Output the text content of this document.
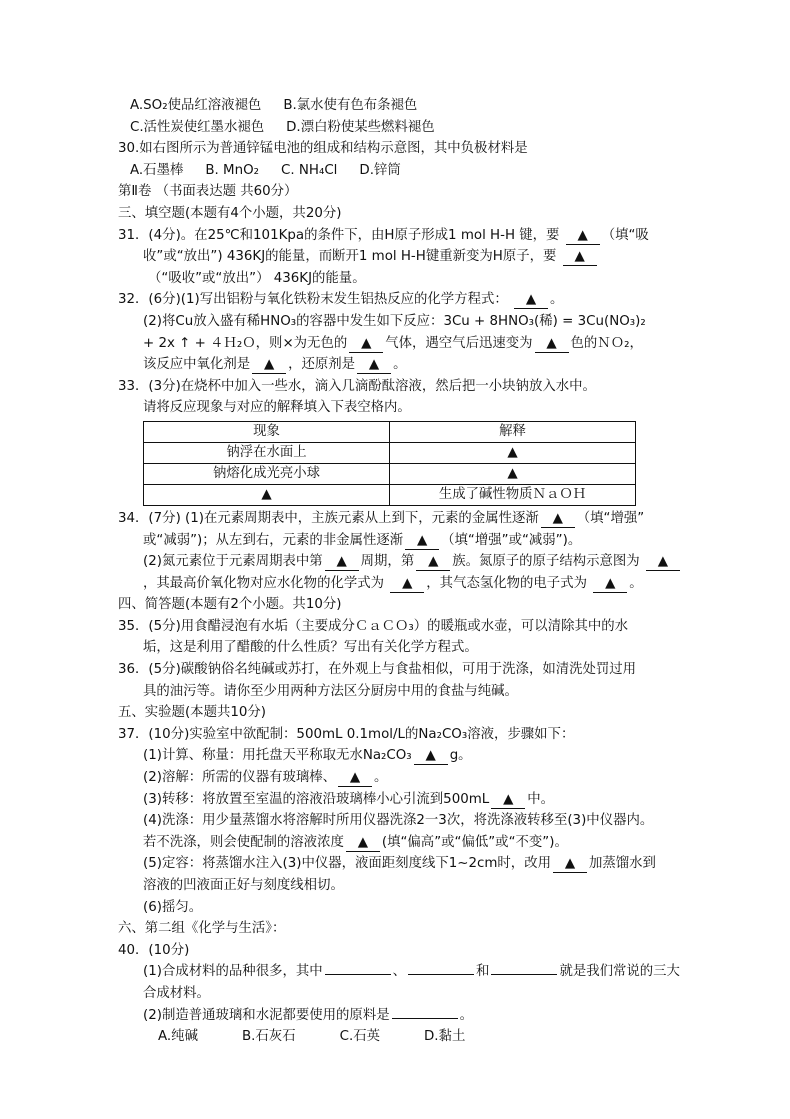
A.SO₂使品红溶液褪色 B.氯水使有色布条褪色
C.活性炭使红墨水褪色 D.漂白粉使某些燃料褪色
30.如右图所示为普通锌锰电池的组成和结构示意图，其中负极材料是
A.石墨棒 B. MnO₂ C. NH₄Cl D.锌筒
第Ⅱ卷 （书面表达题 共60分）
三、填空题(本题有4个小题，共20分)
31．(4分)。在25℃和101Kpa的条件下，由H原子形成1 mol H-H 键，要 ▲ （填“吸
收”或“放出”) 436KJ的能量，而断开1 mol H-H键重新变为H原子，要 ▲
（“吸收”或“放出”） 436KJ的能量。
32．(6分)(1)写出铝粉与氧化铁粉末发生铝热反应的化学方程式： ▲ 。
(2)将Cu放入盛有稀HNO₃的容器中发生如下反应：3Cu + 8HNO₃(稀) = 3Cu(NO₃)₂
+ 2x ↑ + ４Ｈ₂Ｏ，则×为无色的 ▲ 气体，遇空气后迅速变为 ▲ 色的ＮＯ₂，
该反应中氧化剂是 ▲ ，还原剂是 ▲ 。
33．(3分)在烧杯中加入一些水，滴入几滴酚酞溶液，然后把一小块钠放入水中。
请将反应现象与对应的解释填入下表空格内。
现象	解释
钠浮在水面上	▲
钠熔化成光亮小球	▲
▲	生成了碱性物质ＮａＯＨ
34．(7分) (1)在元素周期表中，主族元素从上到下，元素的金属性逐渐 ▲ （填“增强”
或“减弱”)；从左到右，元素的非金属性逐渐 ▲ （填“增强”或“减弱”)。
(2)氮元素位于元素周期表中第 ▲ 周期，第 ▲ 族。氮原子的原子结构示意图为 ▲
，其最高价氧化物对应水化物的化学式为 ▲ ，其气态氢化物的电子式为 ▲ 。
四、简答题(本题有2个小题。共10分)
35．(5分)用食醋浸泡有水垢（主要成分ＣａＣＯ₃）的暖瓶或水壶，可以清除其中的水
垢，这是利用了醋酸的什么性质？写出有关化学方程式。
36．(5分)碳酸钠俗名纯碱或苏打，在外观上与食盐相似，可用于洗涤，如清洗处罚过用
具的油污等。请你至少用两种方法区分厨房中用的食盐与纯碱。
五、实验题(本题共10分)
37．(10分)实验室中欲配制：500mL 0.1mol/L的Na₂CO₃溶液，步骤如下：
(1)计算、称量：用托盘天平称取无水Na₂CO₃ ▲ g。
(2)溶解：所需的仪器有玻璃棒、 ▲ 。
(3)转移：将放置至室温的溶液沿玻璃棒小心引流到500mL ▲ 中。
(4)洗涤：用少量蒸馏水将溶解时所用仪器洗涤2一3次，将洗涤液转移至(3)中仪器内。
若不洗涤，则会使配制的溶液浓度 ▲ (填“偏高”或“偏低”或“不变”)。
(5)定容：将蒸馏水注入(3)中仪器，液面距刻度线下1~2cm时，改用 ▲ 加蒸馏水到
溶液的凹液面正好与刻度线相切。
(6)摇匀。
六、第二组《化学与生活》：
40．(10分)
(1)合成材料的品种很多，其中	、	和	就是我们常说的三大
合成材料。
(2)制造普通玻璃和水泥都要使用的原料是	。
A.纯碱	B.石灰石	C.石英	D.黏土
